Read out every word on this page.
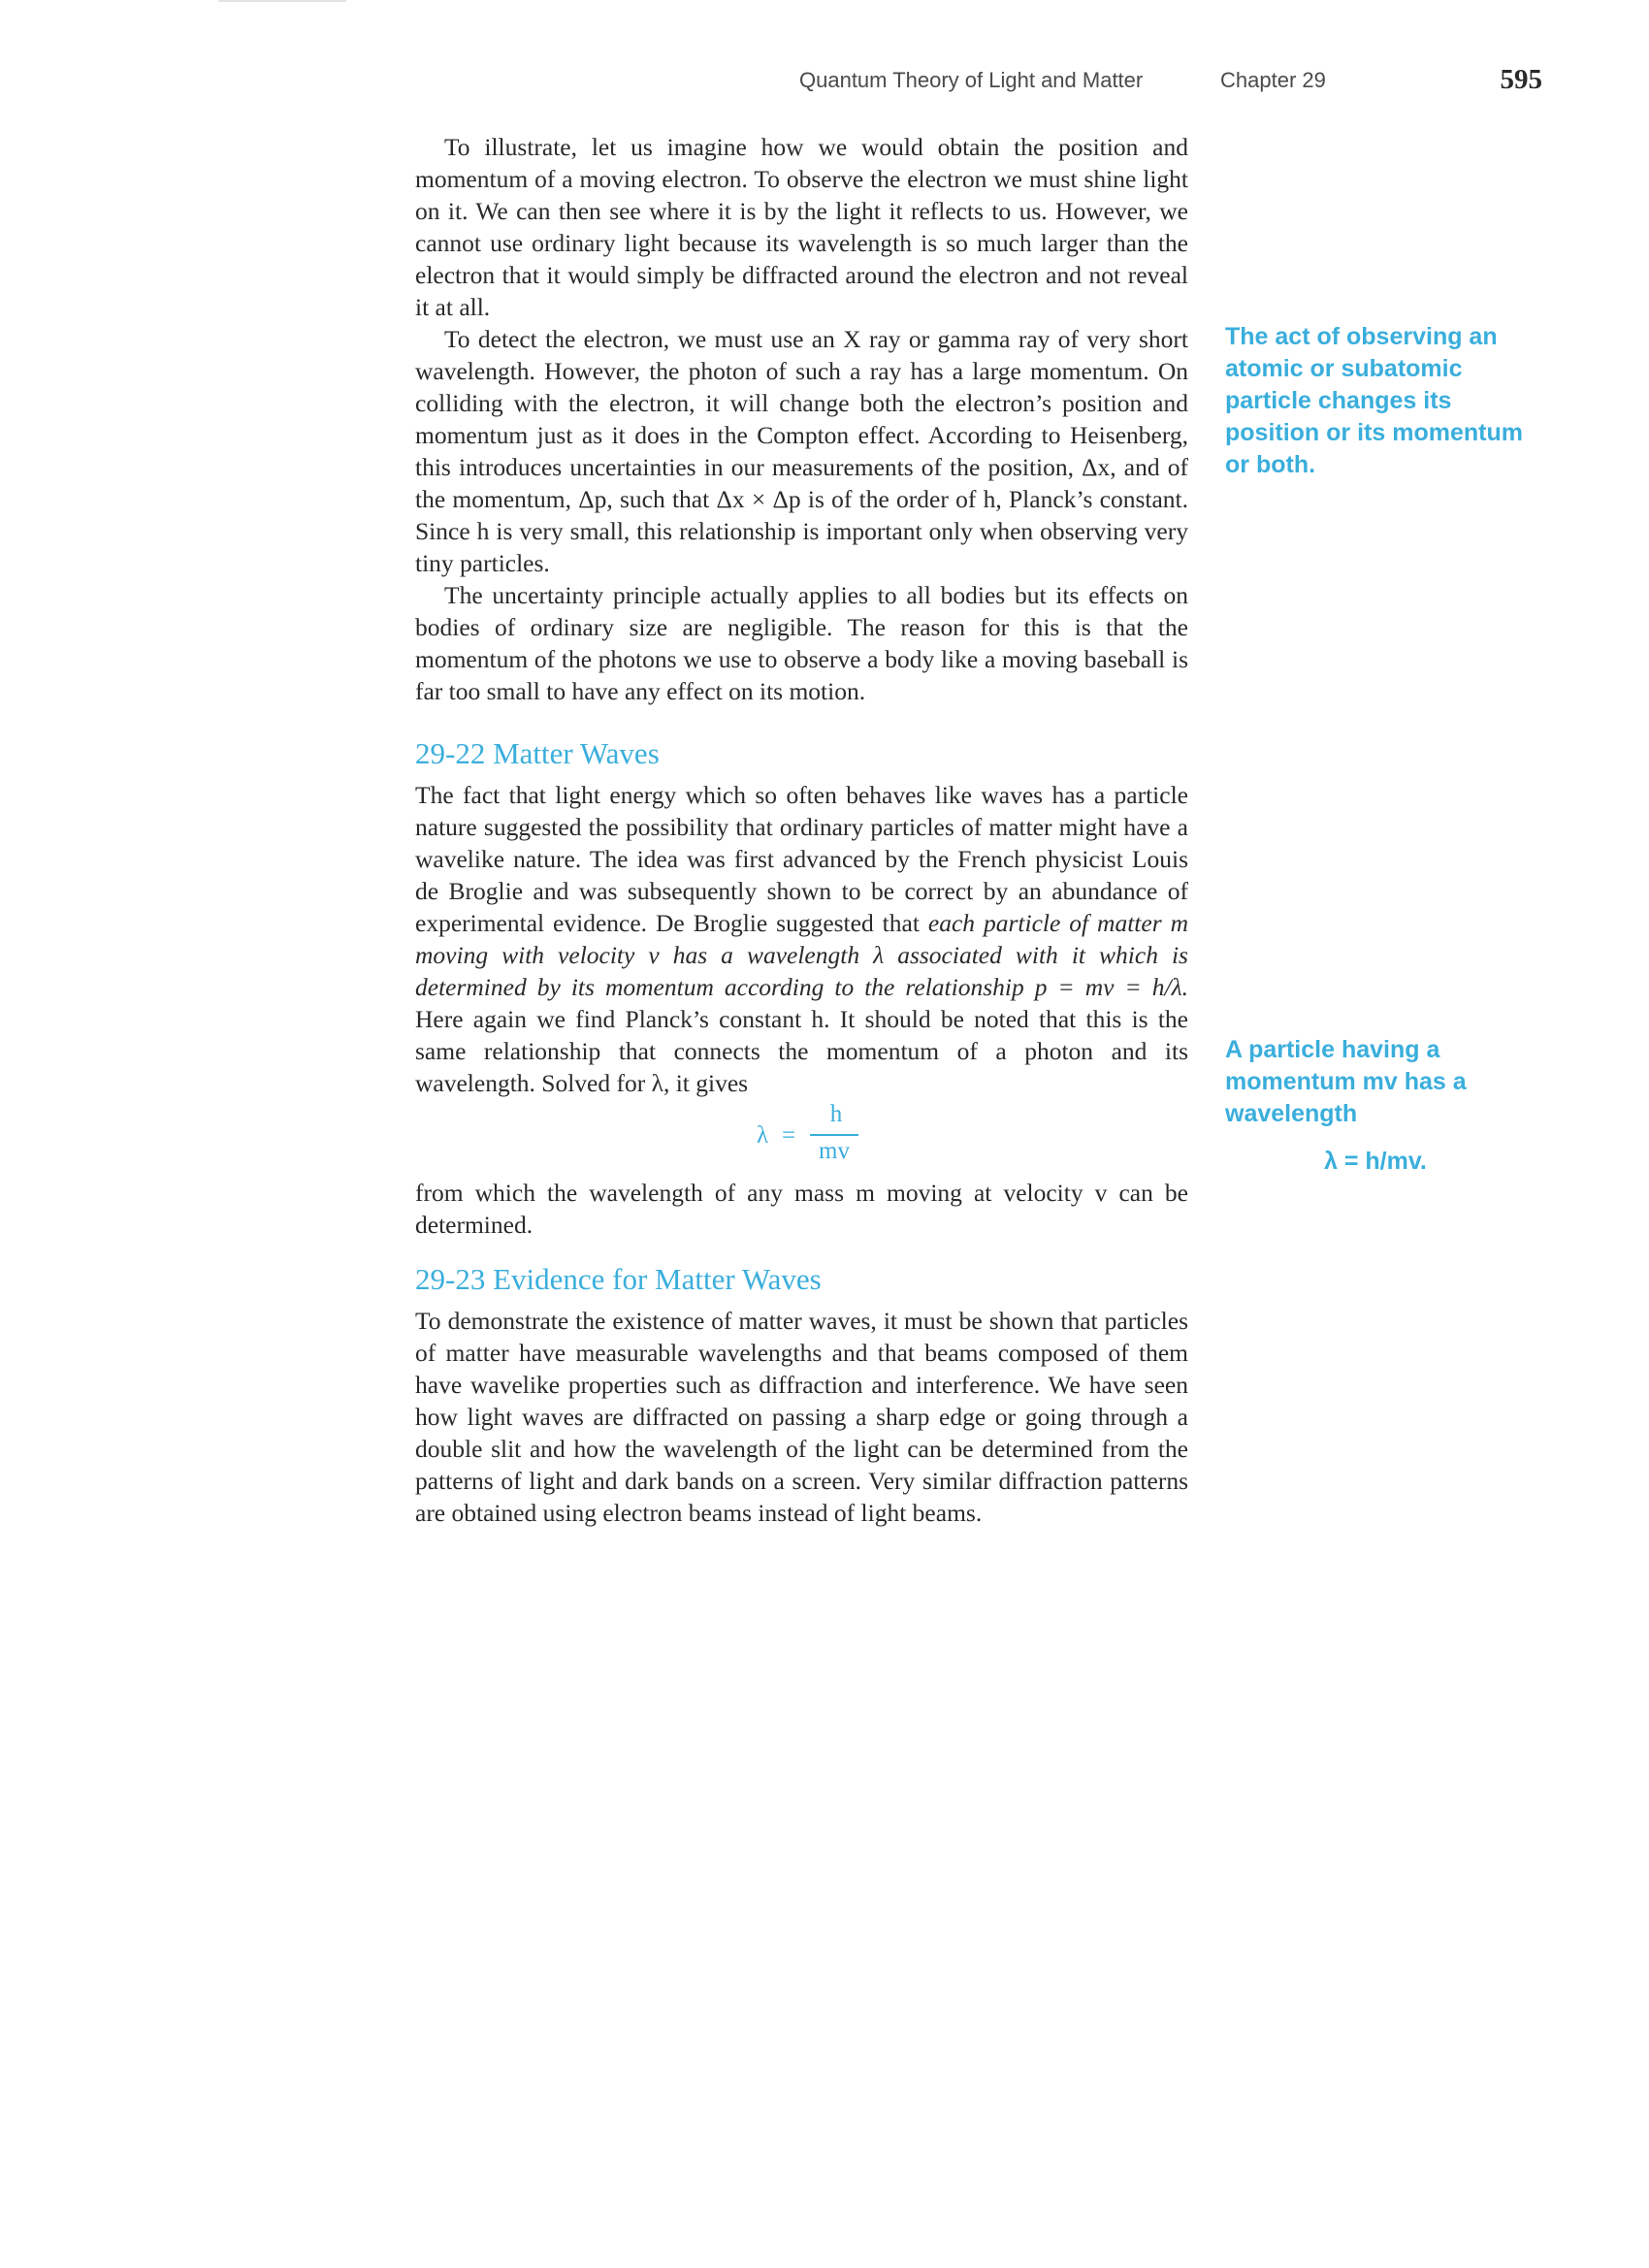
Quantum Theory of Light and Matter	Chapter 29	595

To illustrate, let us imagine how we would obtain the position and momentum of a moving electron. To observe the electron we must shine light on it. We can then see where it is by the light it reflects to us. However, we cannot use ordinary light because its wavelength is so much larger than the electron that it would simply be diffracted around the electron and not reveal it at all.

To detect the electron, we must use an X ray or gamma ray of very short wavelength. However, the photon of such a ray has a large momentum. On colliding with the electron, it will change both the electron’s position and momentum just as it does in the Compton effect. According to Heisenberg, this introduces uncertainties in our measurements of the position, Δx, and of the momentum, Δp, such that Δx × Δp is of the order of h, Planck’s constant. Since h is very small, this relationship is important only when observing very tiny particles.

The uncertainty principle actually applies to all bodies but its effects on bodies of ordinary size are negligible. The reason for this is that the momentum of the photons we use to observe a body like a moving baseball is far too small to have any effect on its motion.

29-22 Matter Waves

The fact that light energy which so often behaves like waves has a particle nature suggested the possibility that ordinary particles of matter might have a wavelike nature. The idea was first advanced by the French physicist Louis de Broglie and was subsequently shown to be correct by an abundance of experimental evidence. De Broglie suggested that each particle of matter m moving with velocity v has a wavelength λ associated with it which is determined by its momentum according to the relationship p = mv = h/λ. Here again we find Planck’s constant h. It should be noted that this is the same relationship that connects the momentum of a photon and its wavelength. Solved for λ, it gives

λ =
h
mv

from which the wavelength of any mass m moving at velocity v can be determined.

29-23 Evidence for Matter Waves

To demonstrate the existence of matter waves, it must be shown that particles of matter have measurable wavelengths and that beams composed of them have wavelike properties such as diffraction and interference. We have seen how light waves are diffracted on passing a sharp edge or going through a double slit and how the wavelength of the light can be determined from the patterns of light and dark bands on a screen. Very similar diffraction patterns are obtained using electron beams instead of light beams.

The act of observing an atomic or subatomic particle changes its position or its momentum or both.

A particle having a momentum mv has a wavelength

λ = h/mv.
